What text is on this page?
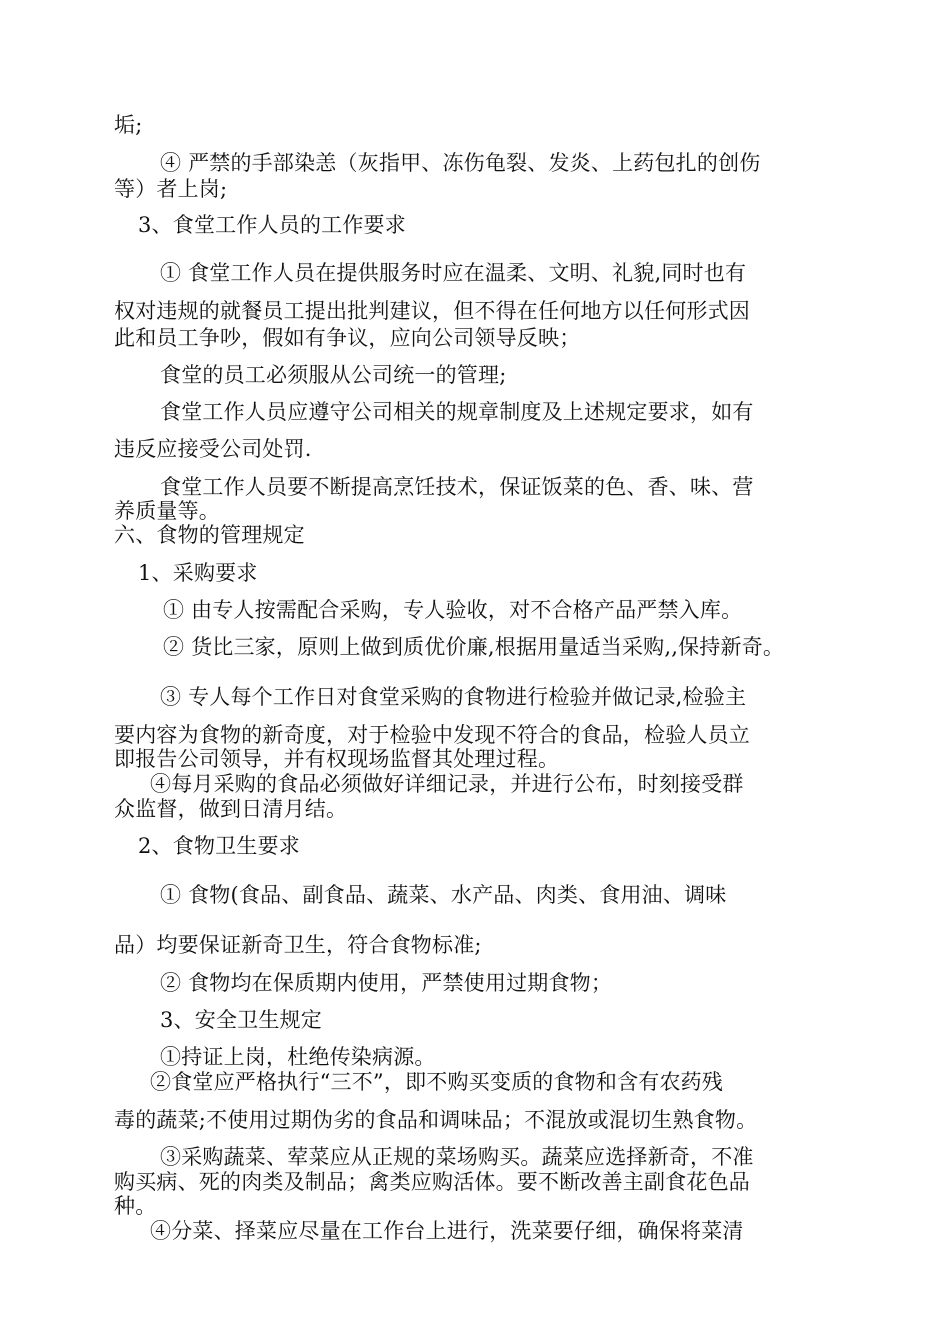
垢;
④ 严禁的手部染恙（灰指甲、冻伤龟裂、发炎、上药包扎的创伤
等）者上岗;
3、食堂工作人员的工作要求
① 食堂工作人员在提供服务时应在温柔、文明、礼貌,同时也有
权对违规的就餐员工提出批判建议，但不得在任何地方以任何形式因
此和员工争吵，假如有争议，应向公司领导反映；
食堂的员工必须服从公司统一的管理;
食堂工作人员应遵守公司相关的规章制度及上述规定要求，如有
违反应接受公司处罚.
食堂工作人员要不断提高烹饪技术，保证饭菜的色、香、味、营
养质量等。
六、食物的管理规定
1、采购要求
① 由专人按需配合采购，专人验收，对不合格产品严禁入库。
② 货比三家，原则上做到质优价廉,根据用量适当采购,,保持新奇。
③ 专人每个工作日对食堂采购的食物进行检验并做记录,检验主
要内容为食物的新奇度，对于检验中发现不符合的食品，检验人员立
即报告公司领导，并有权现场监督其处理过程。
④每月采购的食品必须做好详细记录，并进行公布，时刻接受群
众监督，做到日清月结。
2、食物卫生要求
① 食物(食品、副食品、蔬菜、水产品、肉类、食用油、调味
品）均要保证新奇卫生，符合食物标准;
② 食物均在保质期内使用，严禁使用过期食物；
3、安全卫生规定
①持证上岗，杜绝传染病源。
②食堂应严格执行“三不”，即不购买变质的食物和含有农药残
毒的蔬菜;不使用过期伪劣的食品和调味品；不混放或混切生熟食物。
③采购蔬菜、荤菜应从正规的菜场购买。蔬菜应选择新奇，不准
购买病、死的肉类及制品；禽类应购活体。要不断改善主副食花色品
种。
④分菜、择菜应尽量在工作台上进行，洗菜要仔细，确保将菜清
